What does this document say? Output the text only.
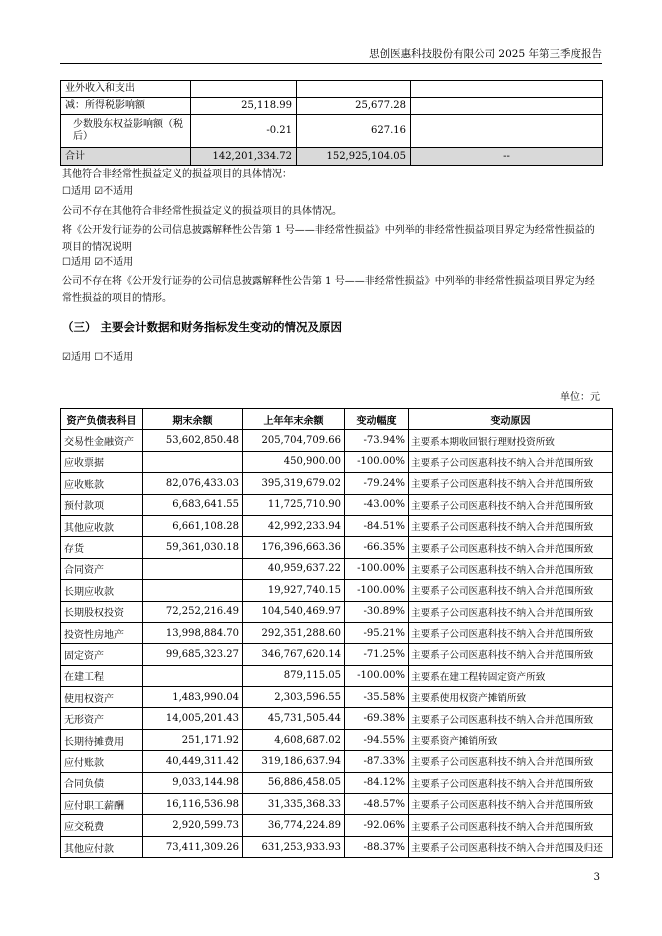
思创医惠科技股份有限公司 2025 年第三季度报告
业外收入和支出			
减：所得税影响额	25,118.99	25,677.28	
少数股东权益影响额（税后）	-0.21	627.16	
合计	142,201,334.72	152,925,104.05	--
其他符合非经常性损益定义的损益项目的具体情况：
☐适用 ☑不适用
公司不存在其他符合非经常性损益定义的损益项目的具体情况。
将《公开发行证券的公司信息披露解释性公告第 1 号——非经常性损益》中列举的非经常性损益项目界定为经常性损益的项目的情况说明
☐适用 ☑不适用
公司不存在将《公开发行证券的公司信息披露解释性公告第 1 号——非经常性损益》中列举的非经常性损益项目界定为经常性损益的项目的情形。
（三） 主要会计数据和财务指标发生变动的情况及原因
☑适用 ☐不适用
单位：元
资产负债表科目	期末余额	上年年末余额	变动幅度	变动原因
交易性金融资产	53,602,850.48	205,704,709.66	-73.94%	主要系本期收回银行理财投资所致
应收票据		450,900.00	-100.00%	主要系子公司医惠科技不纳入合并范围所致
应收账款	82,076,433.03	395,319,679.02	-79.24%	主要系子公司医惠科技不纳入合并范围所致
预付款项	6,683,641.55	11,725,710.90	-43.00%	主要系子公司医惠科技不纳入合并范围所致
其他应收款	6,661,108.28	42,992,233.94	-84.51%	主要系子公司医惠科技不纳入合并范围所致
存货	59,361,030.18	176,396,663.36	-66.35%	主要系子公司医惠科技不纳入合并范围所致
合同资产		40,959,637.22	-100.00%	主要系子公司医惠科技不纳入合并范围所致
长期应收款		19,927,740.15	-100.00%	主要系子公司医惠科技不纳入合并范围所致
长期股权投资	72,252,216.49	104,540,469.97	-30.89%	主要系子公司医惠科技不纳入合并范围所致
投资性房地产	13,998,884.70	292,351,288.60	-95.21%	主要系子公司医惠科技不纳入合并范围所致
固定资产	99,685,323.27	346,767,620.14	-71.25%	主要系子公司医惠科技不纳入合并范围所致
在建工程		879,115.05	-100.00%	主要系在建工程转固定资产所致
使用权资产	1,483,990.04	2,303,596.55	-35.58%	主要系使用权资产摊销所致
无形资产	14,005,201.43	45,731,505.44	-69.38%	主要系子公司医惠科技不纳入合并范围所致
长期待摊费用	251,171.92	4,608,687.02	-94.55%	主要系资产摊销所致
应付账款	40,449,311.42	319,186,637.94	-87.33%	主要系子公司医惠科技不纳入合并范围所致
合同负债	9,033,144.98	56,886,458.05	-84.12%	主要系子公司医惠科技不纳入合并范围所致
应付职工薪酬	16,116,536.98	31,335,368.33	-48.57%	主要系子公司医惠科技不纳入合并范围所致
应交税费	2,920,599.73	36,774,224.89	-92.06%	主要系子公司医惠科技不纳入合并范围所致
其他应付款	73,411,309.26	631,253,933.93	-88.37%	主要系子公司医惠科技不纳入合并范围及归还
3
